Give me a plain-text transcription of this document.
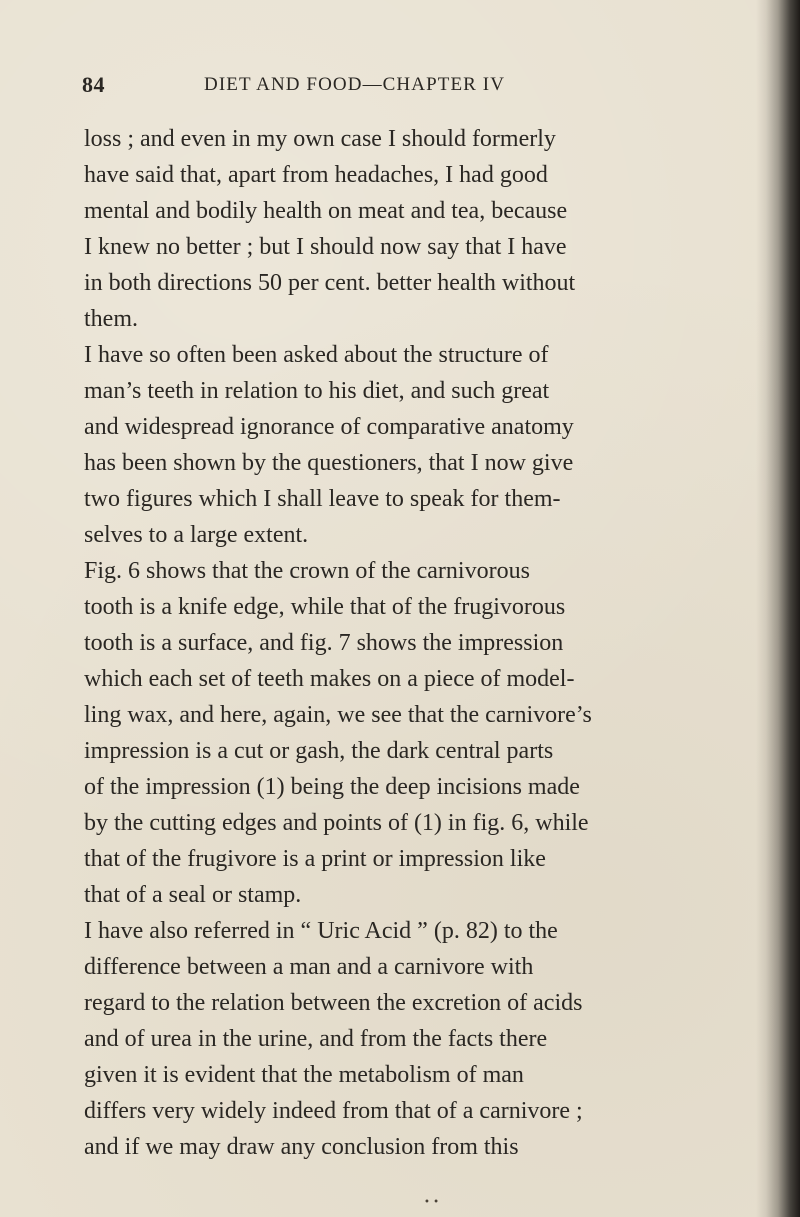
84	DIET AND FOOD—CHAPTER IV
loss ; and even in my own case I should formerly
have said that, apart from headaches, I had good
mental and bodily health on meat and tea, because
I knew no better ; but I should now say that I have
in both directions 50 per cent. better health without
them.
I have so often been asked about the structure of
man’s teeth in relation to his diet, and such great
and widespread ignorance of comparative anatomy
has been shown by the questioners, that I now give
two figures which I shall leave to speak for them-
selves to a large extent.
Fig. 6 shows that the crown of the carnivorous
tooth is a knife edge, while that of the frugivorous
tooth is a surface, and fig. 7 shows the impression
which each set of teeth makes on a piece of model-
ling wax, and here, again, we see that the carnivore’s
impression is a cut or gash, the dark central parts
of the impression (1) being the deep incisions made
by the cutting edges and points of (1) in fig. 6, while
that of the frugivore is a print or impression like
that of a seal or stamp.
I have also referred in “ Uric Acid ” (p. 82) to the
difference between a man and a carnivore with
regard to the relation between the excretion of acids
and of urea in the urine, and from the facts there
given it is evident that the metabolism of man
differs very widely indeed from that of a carnivore ;
and if we may draw any conclusion from this
• •
